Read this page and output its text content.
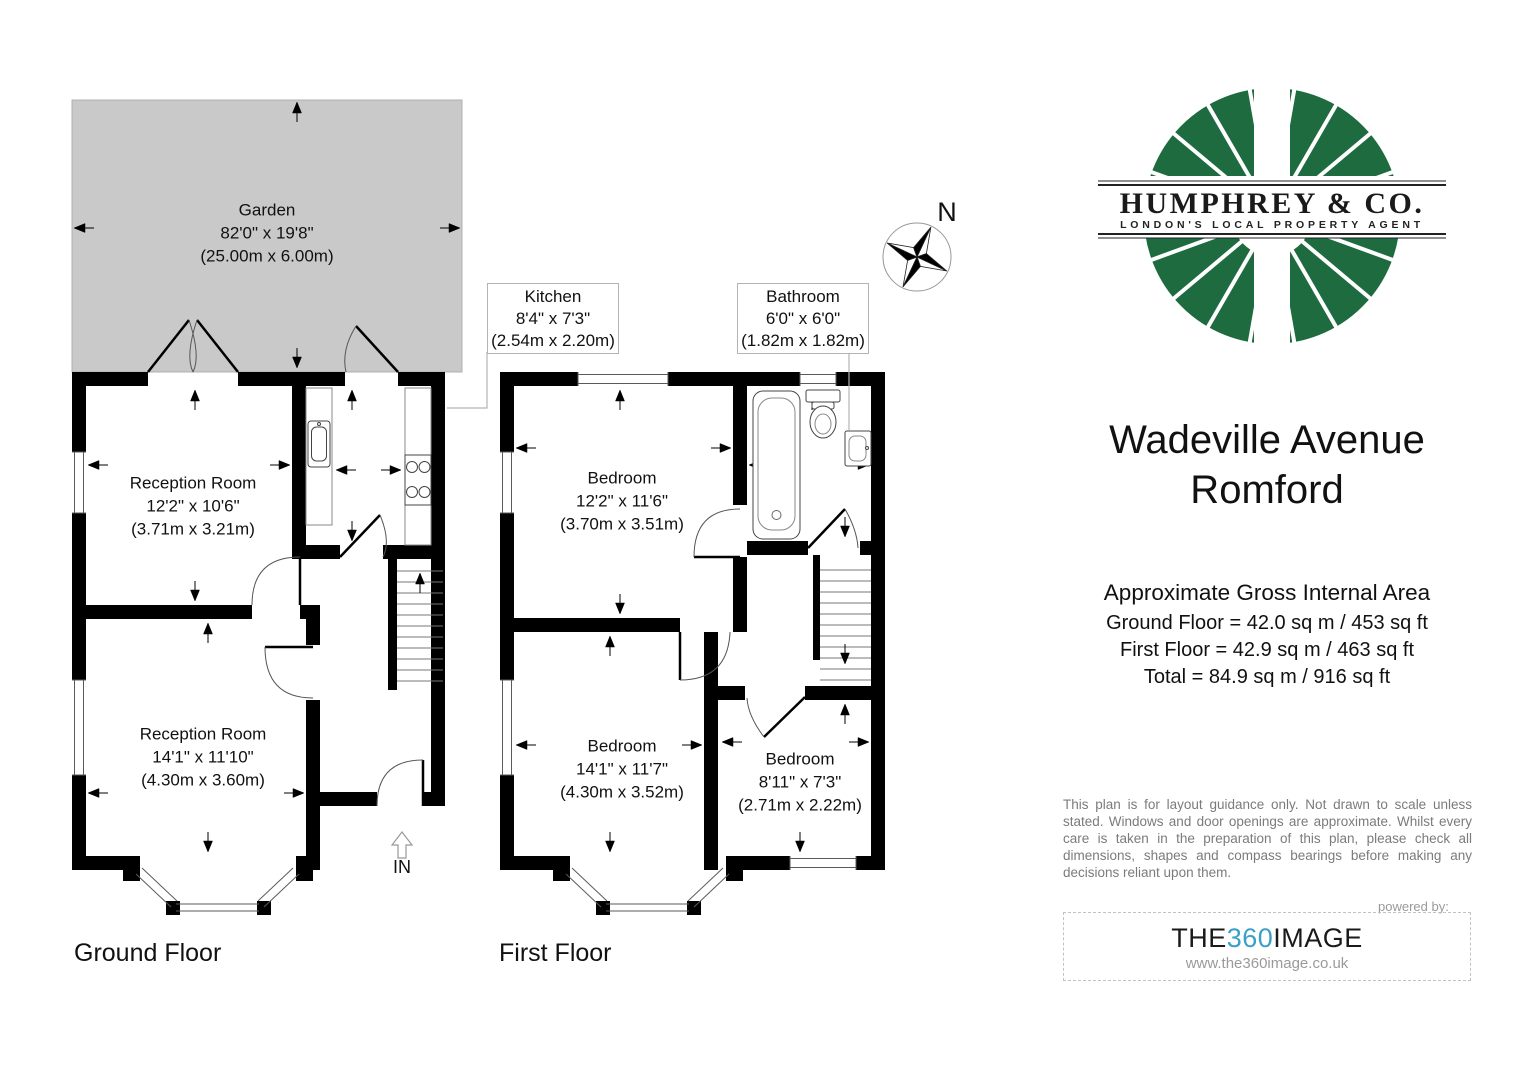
Garden
82'0" x 19'8"
(25.00m x 6.00m)
Kitchen
8'4" x 7'3"
(2.54m x 2.20m)
Bathroom
6'0" x 6'0"
(1.82m x 1.82m)
Reception Room
12'2" x 10'6"
(3.71m x 3.21m)
Reception Room
14'1" x 11'10"
(4.30m x 3.60m)
Bedroom
12'2" x 11'6"
(3.70m x 3.51m)
Bedroom
14'1" x 11'7"
(4.30m x 3.52m)
Bedroom
8'11" x 7'3"
(2.71m x 2.22m)
N
IN
Ground Floor	First Floor
HUMPHREY & CO.
LONDON'S LOCAL PROPERTY AGENT
Wadeville Avenue
Romford
Approximate Gross Internal Area
Ground Floor = 42.0 sq m / 453 sq ft
First Floor = 42.9 sq m / 463 sq ft
Total = 84.9 sq m / 916 sq ft
This plan is for layout guidance only. Not drawn to scale unless stated. Windows and door openings are approximate. Whilst every care is taken in the preparation of this plan, please check all dimensions, shapes and compass bearings before making any decisions reliant upon them.
powered by:
THE360IMAGE
www.the360image.co.uk
